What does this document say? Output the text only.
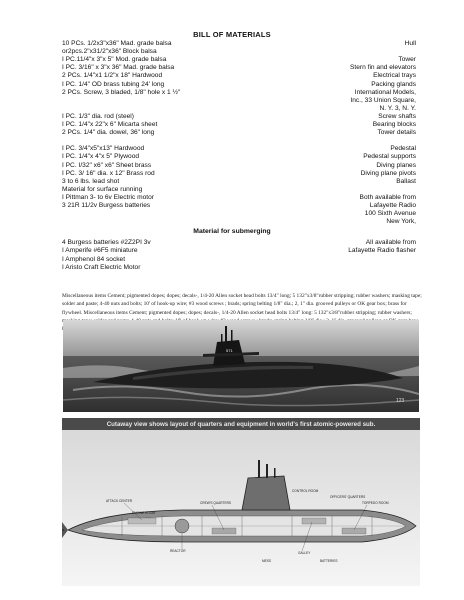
BILL OF MATERIALS
10 PCs. 1/2x3"x36" Mad. grade balsa	Hull
or2pcs.2"x31/2"x36" Block balsa
I PC.11/4"x 3"x 5" Mod. grade balsa	Tower
I PC. 3/16" x 3"x 36" Mad. grade balsa	Stern fin and elevators
2 PCs. 1/4"x1 1/2"x 18" Hardwood	Electrical trays
I PC. 1/4" OD brass tubing 24' long	Packing glands
2 PCs. Screw, 3 bladed, 1/8" hole x 1 ½"	International Models,
Inc., 33 Union Square,
N. Y. 3, N. Y.
I PC. 1/3" dia. rod (steel)	Screw shafts
I PC. 1/4"x 22"x 6" Micarta sheet	Bearing blocks
2 PCs. 1/4" dia. dowel, 36" long	Tower details
I PC. 3/4"x5"x13" Hardwood	Pedestal
I PC. 1/4"x 4"x 5" Plywood	Pedestal supports
I PC. I/32" x6" x6" Sheet brass	Diving planes
I PC. 3/ 16" dia. x 12" Brass rod	Diving plane pivots
3 to 6 lbs. lead shot	Ballast
Material for surface running
I Pittman 3- to 6v Electric motor	Both available from
3 21R 11/2v Burgess batteries	Lafayette Radio
100 Sixth Avenue
New York,
Material for submerging
4 Burgess batteries #2Z2PI 3v	All available from
I Amperife #6F5 miniature	Lafayette Radio flasher
I Amphenol 84 socket
I Aristo Craft Electric Motor
Miscellaneous items Cement; pigmented dopes; dopes; decals-, 1/4-20 Allen socket head bolts 13/4" long; 5 132"x3/8"rubber stripping; rubber washers; masking tape; solder and paste; 4-40 nuts and bolts; 10' of hook-up wire; #3 wood screws ; brads; spring belting 1/8" dia.; 2, 1" dia. grooved pulleys or OK gear box; brass for flywheel. Miscellaneous items Cement; pigmented dopes; dopes; decals-, 1/4-20 Allen socket head bolts 13/4" long: 5 132"x3/8"rubber stripping; rubber washers;
571
123
Cutaway view shows layout of quarters and equipment in world's first atomic-powered sub.
ATTACK CENTER
ENGINE ROOM
REACTOR
CREW'S QUARTERS	TORPEDO ROOM
GALLEY
BATTERIES
MESS
OFFICERS' QUARTERS
CONTROL ROOM
